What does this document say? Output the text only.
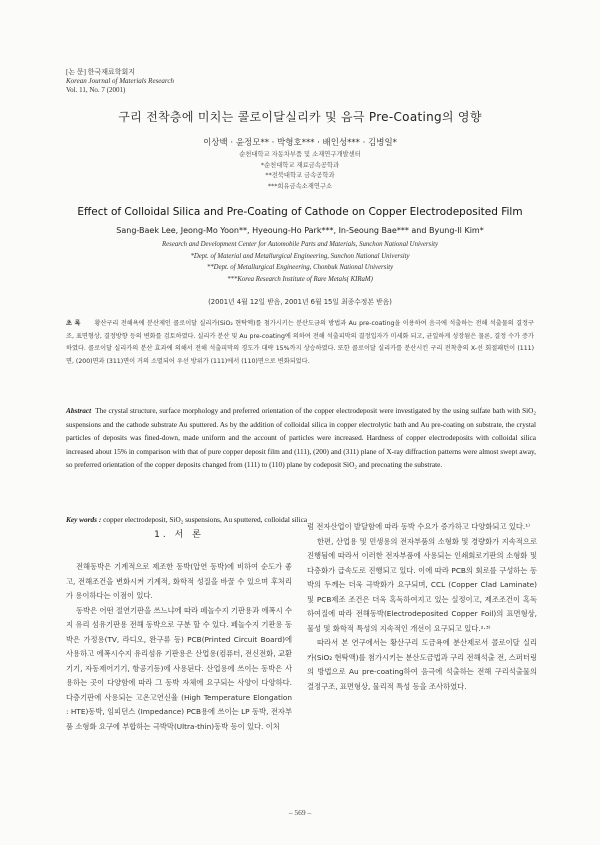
[논 문] 한국재료학회지
Korean Journal of Materials Research
Vol. 11, No. 7 (2001)
구리 전착층에 미치는 콜로이달실리카 및 음극 Pre-Coating의 영향
이상백 · 윤정모** · 박형호*** · 배인성*** · 김병일*
순천대학교 자동차부품 및 소재연구개발센터
*순천대학교 재료금속공학과
**전북대학교 금속공학과
***희유금속소재연구소
Effect of Colloidal Silica and Pre-Coating of Cathode on Copper Electrodeposited Film
Sang-Baek Lee, Jeong-Mo Yoon**, Hyeoung-Ho Park***, In-Seoung Bae*** and Byung-Il Kim*
Research and Development Center for Automobile Parts and Materials, Sunchon National University
*Dept. of Material and Metallurgical Engineering, Sunchon National University
**Dept. of Metallurgical Engineering, Chonbuk National University
***Korea Research Institute of Rare Metals( KIRaM)
(2001년 4월 12일 받음, 2001년 6월 15일 최종수정본 받음)
초 록 황산구리 전해욕에 분산제인 콜로이달 실리카(SiO₂ 현탁액)를 첨가시키는 분산도금의 방법과 Au pre-coating을 이용하여 음극에 석출하는 전해 석출물의 결정구조, 표면형상, 결정방향 등의 변화를 검토하였다. 실리카 분산 및 Au pre-coating에 의하여 전해 석출피막의 결정입자가 미세화 되고, 균일하게 성장됨은 물론, 결정 수가 증가하였다. 콜로이달 실리카의 분산 효과에 의해서 전해 석출피막의 경도가 대략 15%까지 상승하였다. 또한 콜로이달 실리카를 분산시킨 구리 전착층의 X-선 회절패턴이 (111)면, (200)면과 (311)면이 거의 소멸되어 우선 방위가 (111)에서 (110)면으로 변화되었다.
Abstract The crystal structure, surface morphology and preferred orientation of the copper electrodeposit were investigated by the using sulfate bath with SiO₂ suspensions and the cathode substrate Au sputtered. As by the addition of colloidal silica in copper electrolytic bath and Au pre-coating on substrate, the crystal particles of deposits was fined-down, made uniform and the account of particles were increased. Hardness of copper electrodeposits with colloidal silica increased about 15% in comparison with that of pure copper deposit film and (111), (200) and (311) plane of X-ray diffraction patterns were almost swept away, so preferred orientation of the copper deposits changed from (111) to (110) plane by codeposit SiO₂ and precoating the substrate.
Key words : copper electrodeposit, SiO₂ suspensions, Au sputtered, colloidal silica
1. 서 론

전해동박은 기계적으로 제조한 동박(압연 동박)에 비하여 순도가 좋고, 전해조건을 변화시켜 기계적, 화학적 성질을 바꿀 수 있으며 후처리가 용이하다는 이점이 있다.

동박은 어떤 절연기판을 쓰느냐에 따라 페놀수지 기판용과 에폭시 수지 유리 섬유기판용 전해 동박으로 구분 할 수 있다. 페놀수지 기판용 동박은 가정용(TV, 라디오, 완구류 등) PCB(Printed Circuit Board)에 사용하고 에폭시수지 유리섬유 기판용은 산업용(컴퓨터, 전신전화, 교환기기, 자동제어기기, 항공기등)에 사용된다. 산업용에 쓰이는 동박은 사용하는 곳이 다양함에 따라 그 동박 자체에 요구되는 사양이 다양하다. 다층기판에 사용되는 고온고연신율 (High Temperature Elongation : HTE)동박, 임피던스 (Impedance) PCB용에 쓰이는 LP 동박, 전자부품 소형화 요구에 부합하는 극박막(Ultra-thin)동박 등이 있다. 이처

럼 전자산업이 발달함에 따라 동박 수요가 증가하고 다양화되고 있다.¹⁾

한편, 산업용 및 민생용의 전자부품의 소형화 및 경량화가 지속적으로 진행됨에 따라서 이러한 전자부품에 사용되는 인쇄회로기판의 소형화 및 다층화가 급속도로 진행되고 있다. 이에 따라 PCB의 회로를 구성하는 동박의 두께는 더욱 극박화가 요구되며, CCL (Copper Clad Laminate) 및 PCB제조 조건은 더욱 혹독하여지고 있는 실정이고, 제조조건이 혹독하여질에 따라 전해동박(Electrodeposited Copper Foil)의 표면형상, 물성 및 화학적 특성의 지속적인 개선이 요구되고 있다.²·³⁾

따라서 본 연구에서는 황산구리 도금욕에 분산제로서 콜로이달 실리카(SiO₂ 현탁액)를 첨가시키는 분산도금법과 구리 전해석출 전, 스퍼터링의 방법으로 Au pre-coating하여 음극에 석출하는 전해 구리석출물의 결정구조, 표면형상, 물리적 특성 등을 조사하였다.

– 569 –
